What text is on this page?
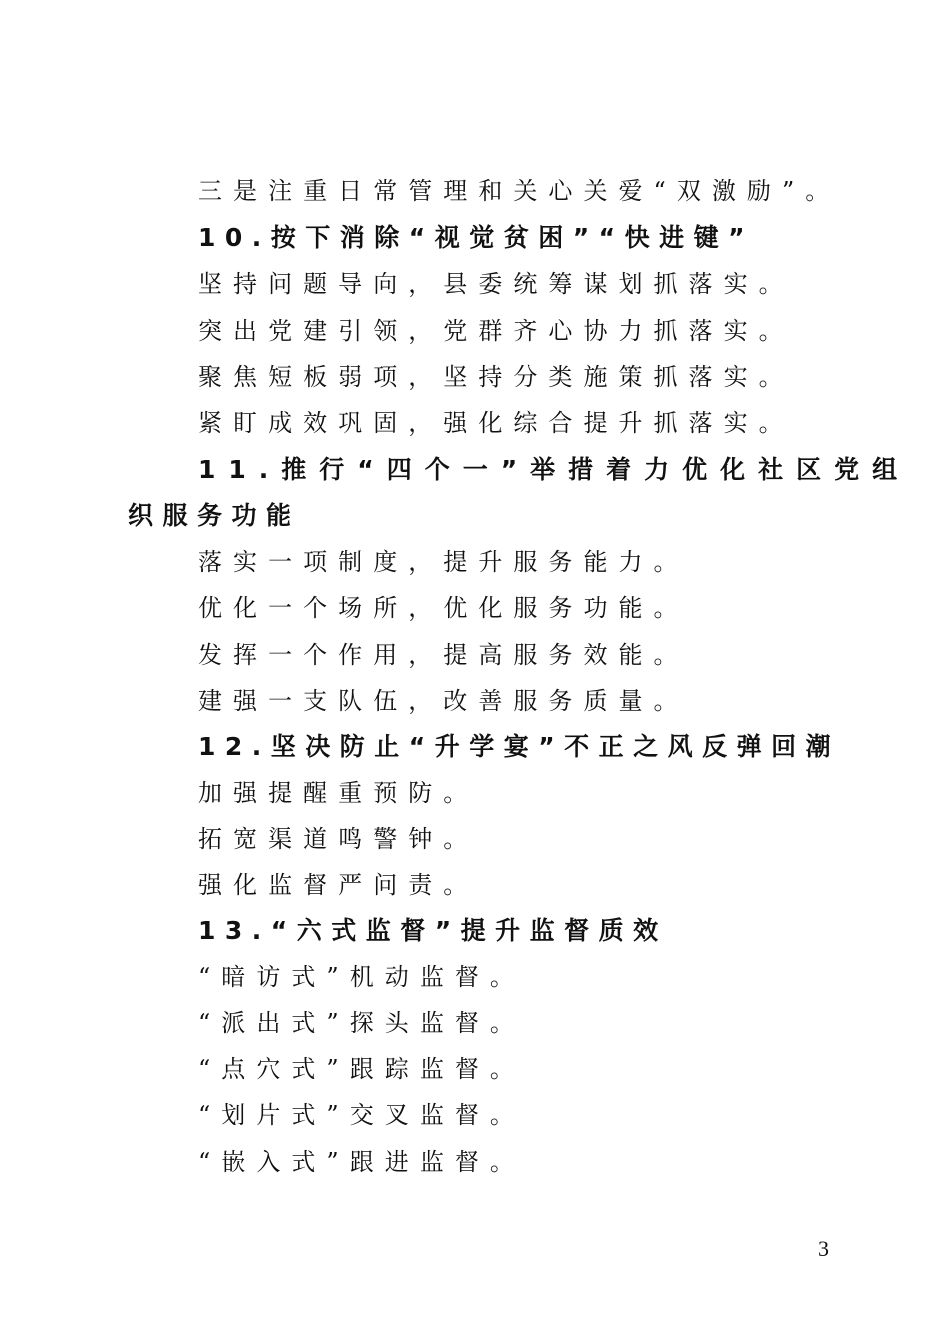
三是注重日常管理和关心关爱“双激励”。
10.按下消除“视觉贫困”“快进键”
坚持问题导向，县委统筹谋划抓落实。
突出党建引领，党群齐心协力抓落实。
聚焦短板弱项，坚持分类施策抓落实。
紧盯成效巩固，强化综合提升抓落实。
11.推行“四个一”举措着力优化社区党组
织服务功能
落实一项制度，提升服务能力。
优化一个场所，优化服务功能。
发挥一个作用，提高服务效能。
建强一支队伍，改善服务质量。
12.坚决防止“升学宴”不正之风反弹回潮
加强提醒重预防。
拓宽渠道鸣警钟。
强化监督严问责。
13.“六式监督”提升监督质效
“暗访式”机动监督。
“派出式”探头监督。
“点穴式”跟踪监督。
“划片式”交叉监督。
“嵌入式”跟进监督。
3
